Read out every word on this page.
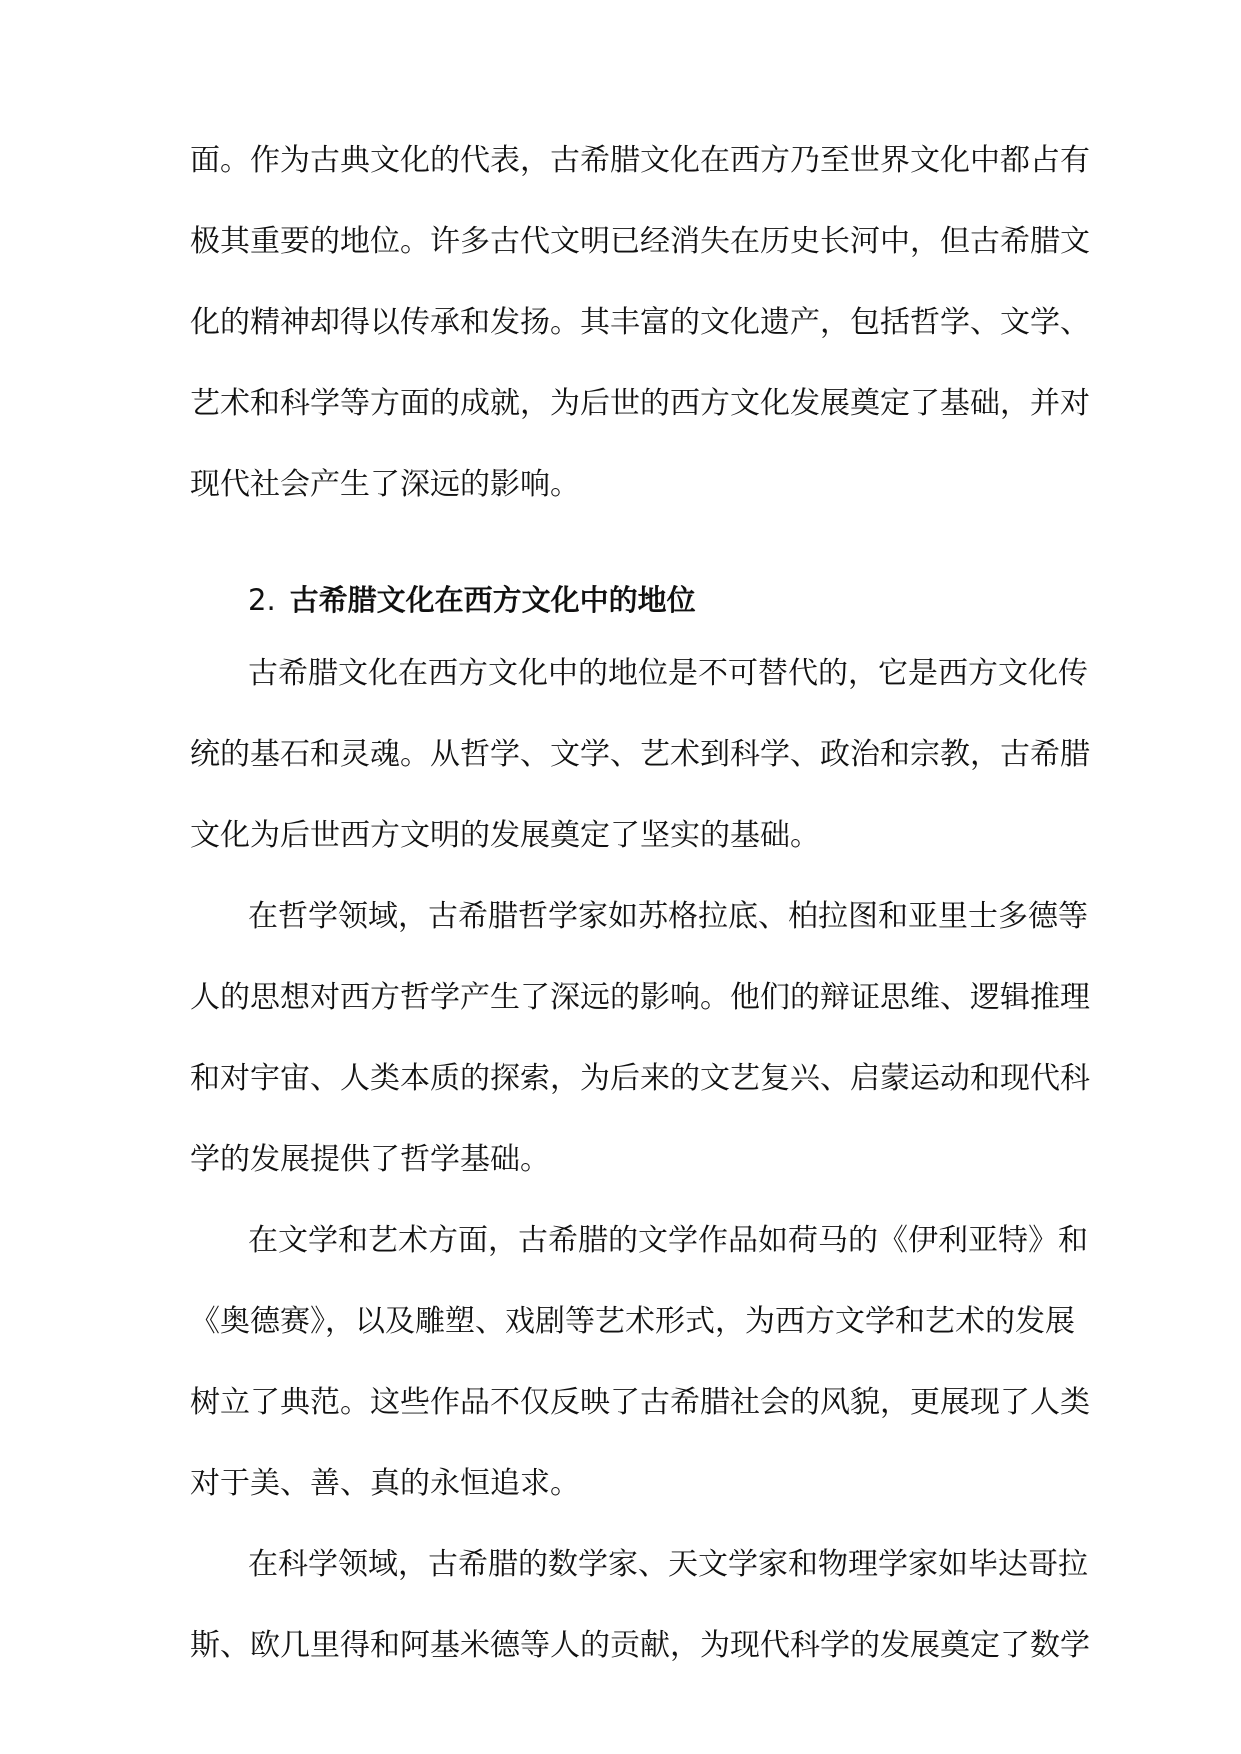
面。作为古典文化的代表，古希腊文化在西方乃至世界文化中都占有
极其重要的地位。许多古代文明已经消失在历史长河中，但古希腊文
化的精神却得以传承和发扬。其丰富的文化遗产，包括哲学、文学、
艺术和科学等方面的成就，为后世的西方文化发展奠定了基础，并对
现代社会产生了深远的影响。
2. 古希腊文化在西方文化中的地位
古希腊文化在西方文化中的地位是不可替代的，它是西方文化传
统的基石和灵魂。从哲学、文学、艺术到科学、政治和宗教，古希腊
文化为后世西方文明的发展奠定了坚实的基础。
在哲学领域，古希腊哲学家如苏格拉底、柏拉图和亚里士多德等
人的思想对西方哲学产生了深远的影响。他们的辩证思维、逻辑推理
和对宇宙、人类本质的探索，为后来的文艺复兴、启蒙运动和现代科
学的发展提供了哲学基础。
在文学和艺术方面，古希腊的文学作品如荷马的《伊利亚特》和
《奥德赛》，以及雕塑、戏剧等艺术形式，为西方文学和艺术的发展
树立了典范。这些作品不仅反映了古希腊社会的风貌，更展现了人类
对于美、善、真的永恒追求。
在科学领域，古希腊的数学家、天文学家和物理学家如毕达哥拉
斯、欧几里得和阿基米德等人的贡献，为现代科学的发展奠定了数学
